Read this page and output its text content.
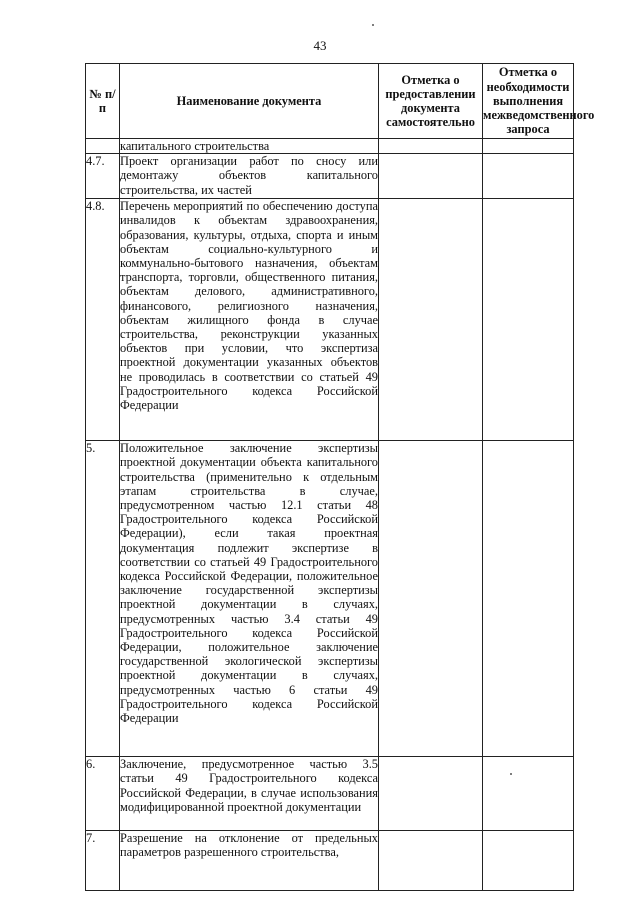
43
№ п/п	Наименование документа	Отметка о предоставлении документа самостоятельно	Отметка о необходимости выполнения межведомственного запроса
	капитального строительства		
4.7.	Проект организации работ по сносу или демонтажу объектов капитального строительства, их частей		
4.8.	Перечень мероприятий по обеспечению доступа инвалидов к объектам здравоохранения, образования, культуры, отдыха, спорта и иным объектам социально-культурного и коммунально-бытового назначения, объектам транспорта, торговли, общественного питания, объектам делового, административного, финансового, религиозного назначения, объектам жилищного фонда в случае строительства, реконструкции указанных объектов при условии, что экспертиза проектной документации указанных объектов не проводилась в соответствии со статьей 49 Градостроительного кодекса Российской Федерации		
5.	Положительное заключение экспертизы проектной документации объекта капитального строительства (применительно к отдельным этапам строительства в случае, предусмотренном частью 12.1 статьи 48 Градостроительного кодекса Российской Федерации), если такая проектная документация подлежит экспертизе в соответствии со статьей 49 Градостроительного кодекса Российской Федерации, положительное заключение государственной экспертизы проектной документации в случаях, предусмотренных частью 3.4 статьи 49 Градостроительного кодекса Российской Федерации, положительное заключение государственной экологической экспертизы проектной документации в случаях, предусмотренных частью 6 статьи 49 Градостроительного кодекса Российской Федерации		
6.	Заключение, предусмотренное частью 3.5 статьи 49 Градостроительного кодекса Российской Федерации, в случае использования модифицированной проектной документации		
7.	Разрешение на отклонение от предельных параметров разрешенного строительства,		
